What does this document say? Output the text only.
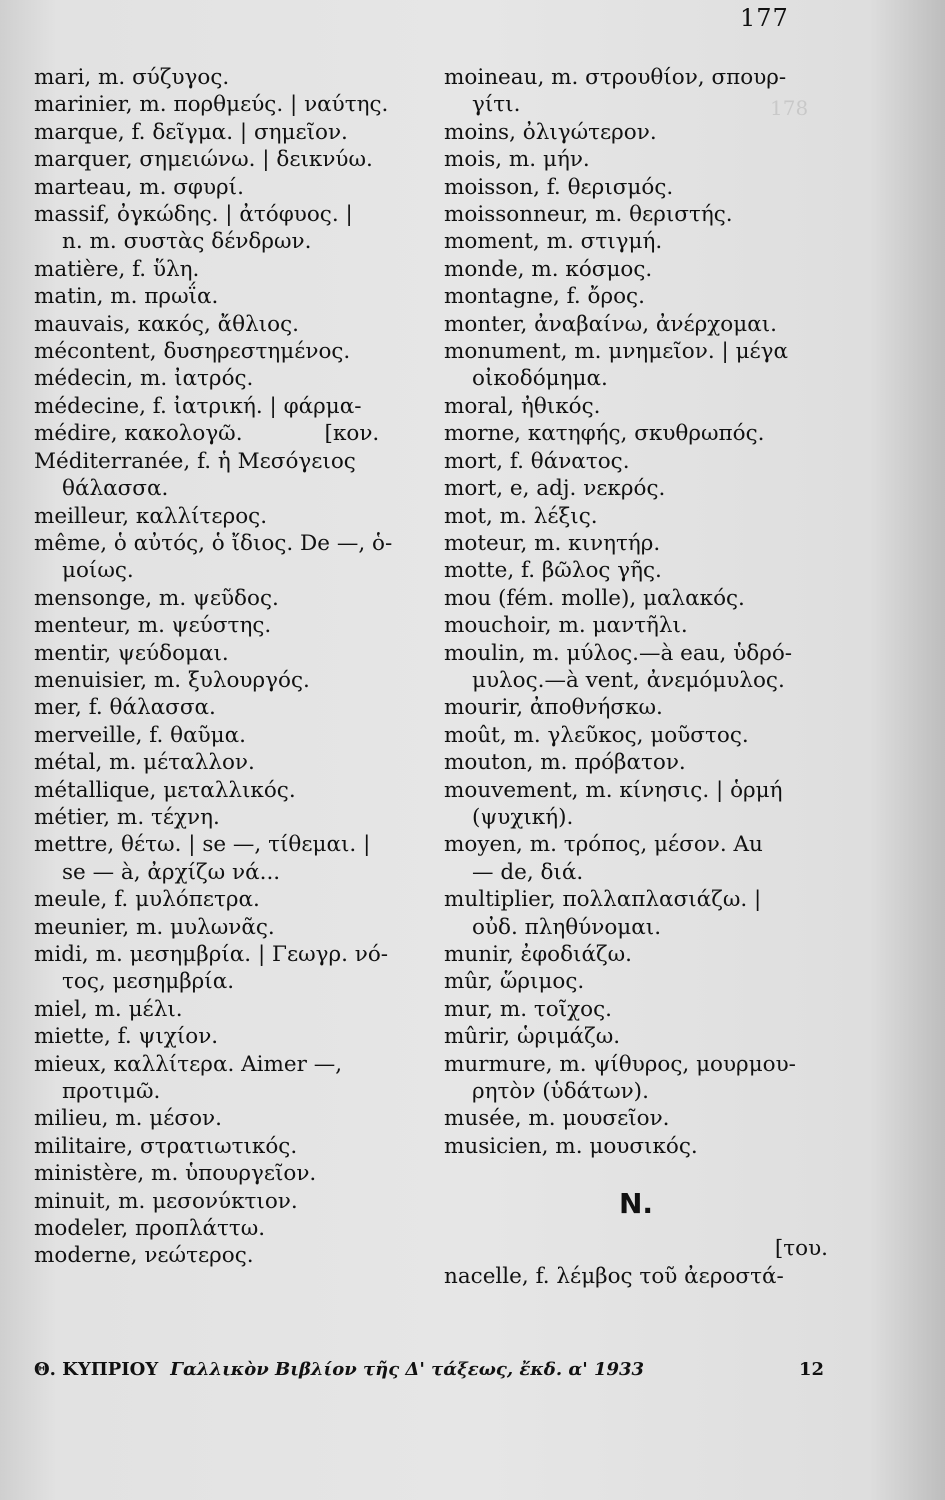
178
177
mari, m. σύζυγος.
marinier, m. πορθμεύς. | ναύτης.
marque, f. δεῖγμα. | σημεῖον.
marquer, σημειώνω. | δεικνύω.
marteau, m. σφυρί.
massif, ὀγκώδης. | ἀτόφυος. |
n. m. συστὰς δένδρων.
matière, f. ὕλη.
matin, m. πρωΐα.
mauvais, κακός, ἄθλιος.
mécontent, δυσηρεστημένος.
médecin, m. ἰατρός.
médecine, f. ἰατρική. | φάρμα-
médire, κακολογῶ.            [κον.
Méditerranée, f. ἡ Μεσόγειος
θάλασσα.
meilleur, καλλίτερος.
même, ὁ αὐτός, ὁ ἴδιος. De —, ὁ-
μοίως.
mensonge, m. ψεῦδος.
menteur, m. ψεύστης.
mentir, ψεύδομαι.
menuisier, m. ξυλουργός.
mer, f. θάλασσα.
merveille, f. θαῦμα.
métal, m. μέταλλον.
métallique, μεταλλικός.
métier, m. τέχνη.
mettre, θέτω. | se —, τίθεμαι. |
se — à, ἀρχίζω νά...
meule, f. μυλόπετρα.
meunier, m. μυλωνᾶς.
midi, m. μεσημβρία. | Γεωγρ. νό-
τος, μεσημβρία.
miel, m. μέλι.
miette, f. ψιχίον.
mieux, καλλίτερα. Aimer —,
προτιμῶ.
milieu, m. μέσον.
militaire, στρατιωτικός.
ministère, m. ὑπουργεῖον.
minuit, m. μεσονύκτιον.
modeler, προπλάττω.
moderne, νεώτερος.
moineau, m. στρουθίον, σπουρ-
γίτι.
moins, ὀλιγώτερον.
mois, m. μήν.
moisson, f. θερισμός.
moissonneur, m. θεριστής.
moment, m. στιγμή.
monde, m. κόσμος.
montagne, f. ὄρος.
monter, ἀναβαίνω, ἀνέρχομαι.
monument, m. μνημεῖον. | μέγα
οἰκοδόμημα.
moral, ἠθικός.
morne, κατηφής, σκυθρωπός.
mort, f. θάνατος.
mort, e, adj. νεκρός.
mot, m. λέξις.
moteur, m. κινητήρ.
motte, f. βῶλος γῆς.
mou (fém. molle), μαλακός.
mouchoir, m. μαντῆλι.
moulin, m. μύλος.—à eau, ὑδρό-
μυλος.—à vent, ἀνεμόμυλος.
mourir, ἀποθνήσκω.
moût, m. γλεῦκος, μοῦστος.
mouton, m. πρόβατον.
mouvement, m. κίνησις. | ὁρμή
(ψυχική).
moyen, m. τρόπος, μέσον. Au
— de, διά.
multiplier, πολλαπλασιάζω. |
οὐδ. πληθύνομαι.
munir, ἐφοδιάζω.
mûr, ὥριμος.
mur, m. τοῖχος.
mûrir, ὡριμάζω.
murmure, m. ψίθυρος, μουρμου-
ρητὸν (ὑδάτων).
musée, m. μουσεῖον.
musicien, m. μουσικός.
N.
[του.
nacelle, f. λέμβος τοῦ ἀεροστά-
Θ. ΚΥΠΡΙΟΥ Γαλλικὸν Βιβλίον τῆς Δ' τάξεως, ἔκδ. α' 1933	12
